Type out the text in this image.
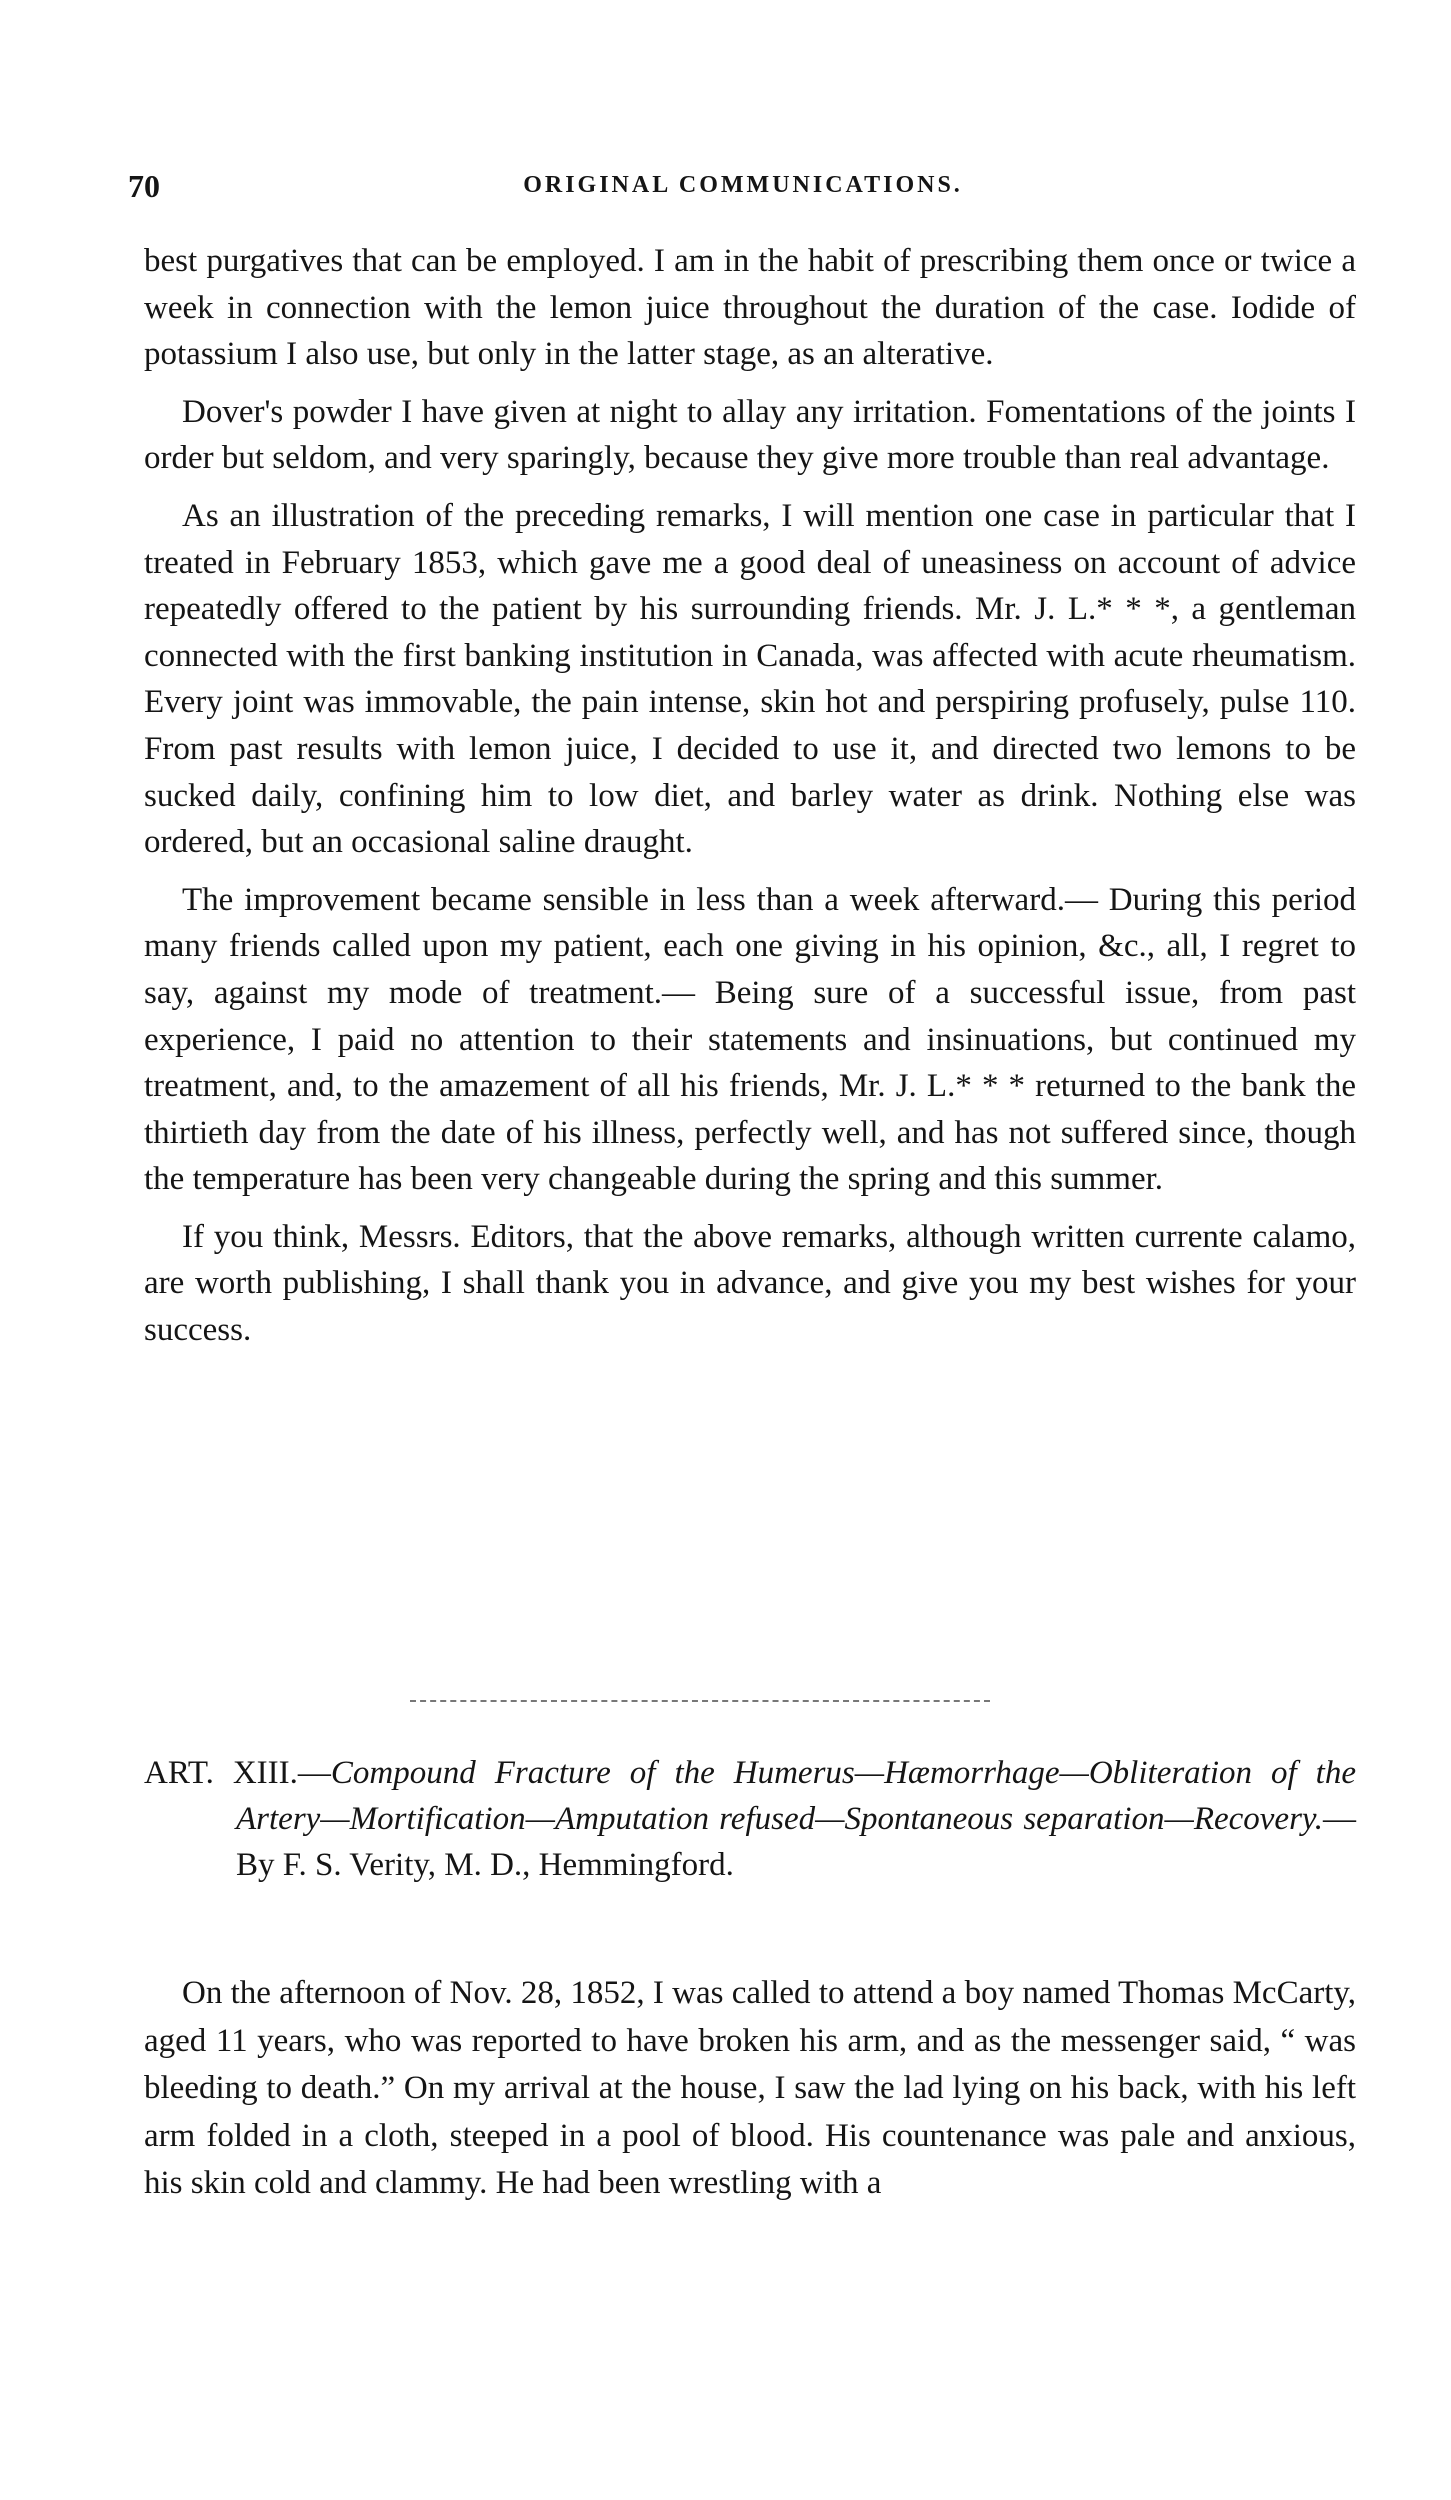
70	ORIGINAL COMMUNICATIONS.

best purgatives that can be employed. I am in the habit of prescribing them once or twice a week in connection with the lemon juice throughout the duration of the case. Iodide of potassium I also use, but only in the latter stage, as an alterative.

Dover's powder I have given at night to allay any irritation. Fomentations of the joints I order but seldom, and very sparingly, because they give more trouble than real advantage.

As an illustration of the preceding remarks, I will mention one case in particular that I treated in February 1853, which gave me a good deal of uneasiness on account of advice repeatedly offered to the patient by his surrounding friends. Mr. J. L.* * *, a gentleman connected with the first banking institution in Canada, was affected with acute rheumatism. Every joint was immovable, the pain intense, skin hot and perspiring profusely, pulse 110. From past results with lemon juice, I decided to use it, and directed two lemons to be sucked daily, confining him to low diet, and barley water as drink. Nothing else was ordered, but an occasional saline draught.

The improvement became sensible in less than a week afterward.— During this period many friends called upon my patient, each one giving in his opinion, &c., all, I regret to say, against my mode of treatment.— Being sure of a successful issue, from past experience, I paid no attention to their statements and insinuations, but continued my treatment, and, to the amazement of all his friends, Mr. J. L.* * * returned to the bank the thirtieth day from the date of his illness, perfectly well, and has not suffered since, though the temperature has been very changeable during the spring and this summer.

If you think, Messrs. Editors, that the above remarks, although written currente calamo, are worth publishing, I shall thank you in advance, and give you my best wishes for your success.

ART. XIII.—Compound Fracture of the Humerus—Hæmorrhage—Obliteration of the Artery—Mortification—Amputation refused—Spontaneous separation—Recovery.—By F. S. Verity, M. D., Hemmingford.

On the afternoon of Nov. 28, 1852, I was called to attend a boy named Thomas McCarty, aged 11 years, who was reported to have broken his arm, and as the messenger said, “ was bleeding to death.” On my arrival at the house, I saw the lad lying on his back, with his left arm folded in a cloth, steeped in a pool of blood. His countenance was pale and anxious, his skin cold and clammy. He had been wrestling with a
